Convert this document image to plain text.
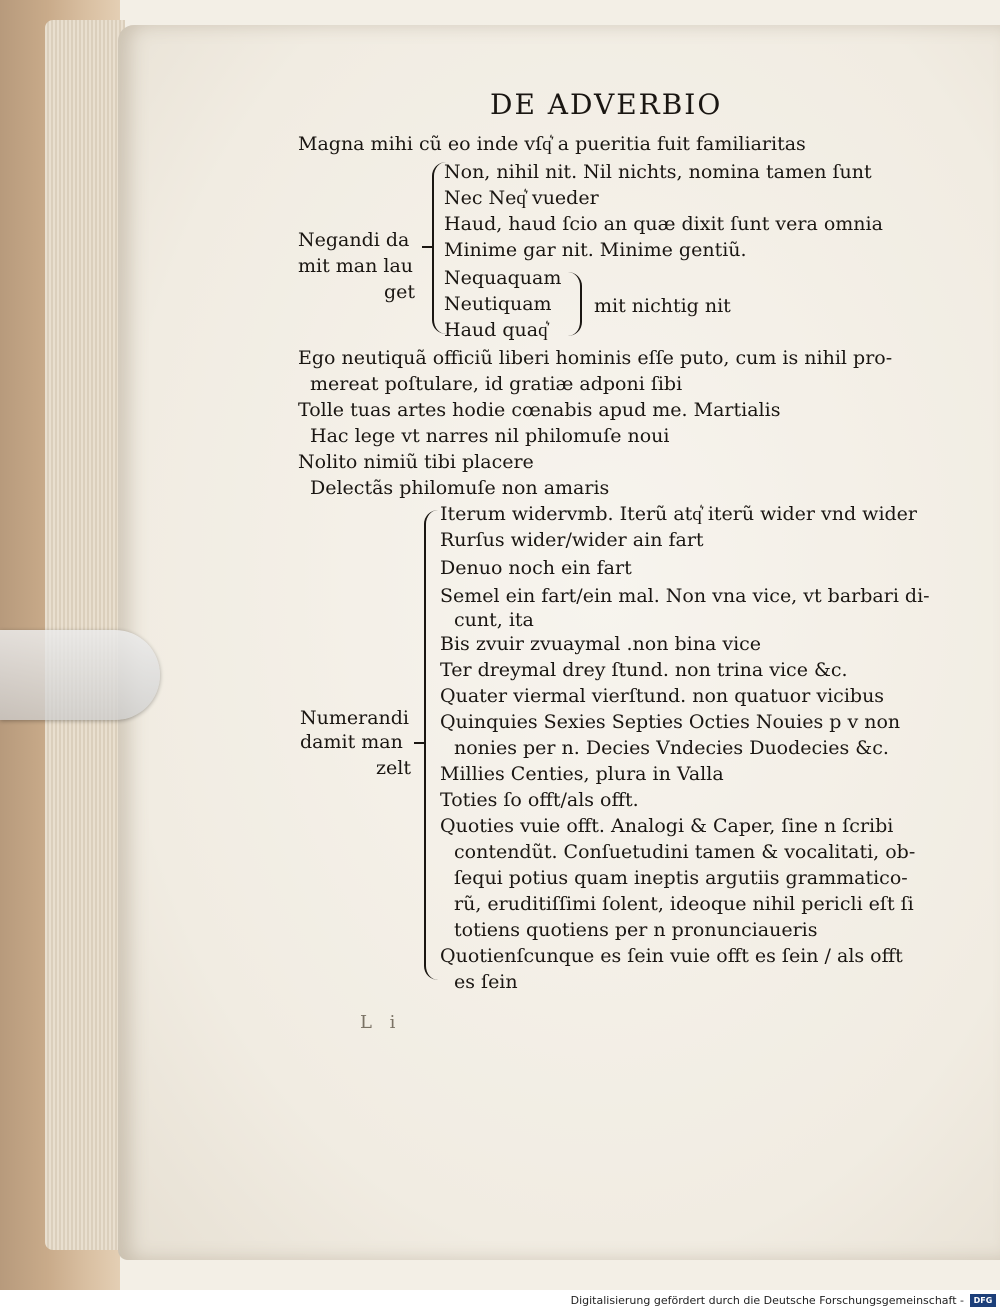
DE ADVERBIO
Magna mihi cũ eo inde vſq͛ a pueritia fuit familiaritas
Non, nihil nit. Nil nichts, nomina tamen ſunt
Nec Neq͛ vueder
Haud, haud ſcio an quæ dixit ſunt vera omnia
Minime gar nit. Minime gentiũ.
Nequaquam
Neutiquam
Haud quaq͛
mit nichtig nit
Negandi da
mit man lau
get
Ego neutiquã officiũ liberi hominis eſſe puto, cum is nihil pro-
mereat poſtulare, id gratiæ adponi ſibi
Tolle tuas artes hodie cœnabis apud me. Martialis
Hac lege vt narres nil philomuſe noui
Nolito nimiũ tibi placere
Delectãs philomuſe non amaris
Iterum widervmb. Iterũ atq͛ iterũ wider vnd wider
Rurſus wider/wider ain fart
Denuo noch ein fart
Semel ein fart/ein mal. Non vna vice, vt barbari di-
cunt, ita
Bis zvuir zvuaymal .non bina vice
Ter dreymal drey ſtund. non trina vice &c.
Quater viermal vierſtund. non quatuor vicibus
Quinquies Sexies Septies Octies Nouies p v non
nonies per n. Decies Vndecies Duodecies &c.
Millies Centies, plura in Valla
Toties ſo offt/als offt.
Quoties vuie offt. Analogi & Caper, ſine n ſcribi
contendũt. Conſuetudini tamen & vocalitati, ob-
ſequi potius quam ineptis argutiis grammatico-
rũ, eruditiſſimi ſolent, ideoque nihil pericli eſt ſi
totiens quotiens per n pronunciaueris
Quotienſcunque es ſein vuie offt es ſein / als offt
es ſein
Numerandi
damit man
zelt
L i
Digitalisierung gefördert durch die Deutsche Forschungsgemeinschaft -	DFG
